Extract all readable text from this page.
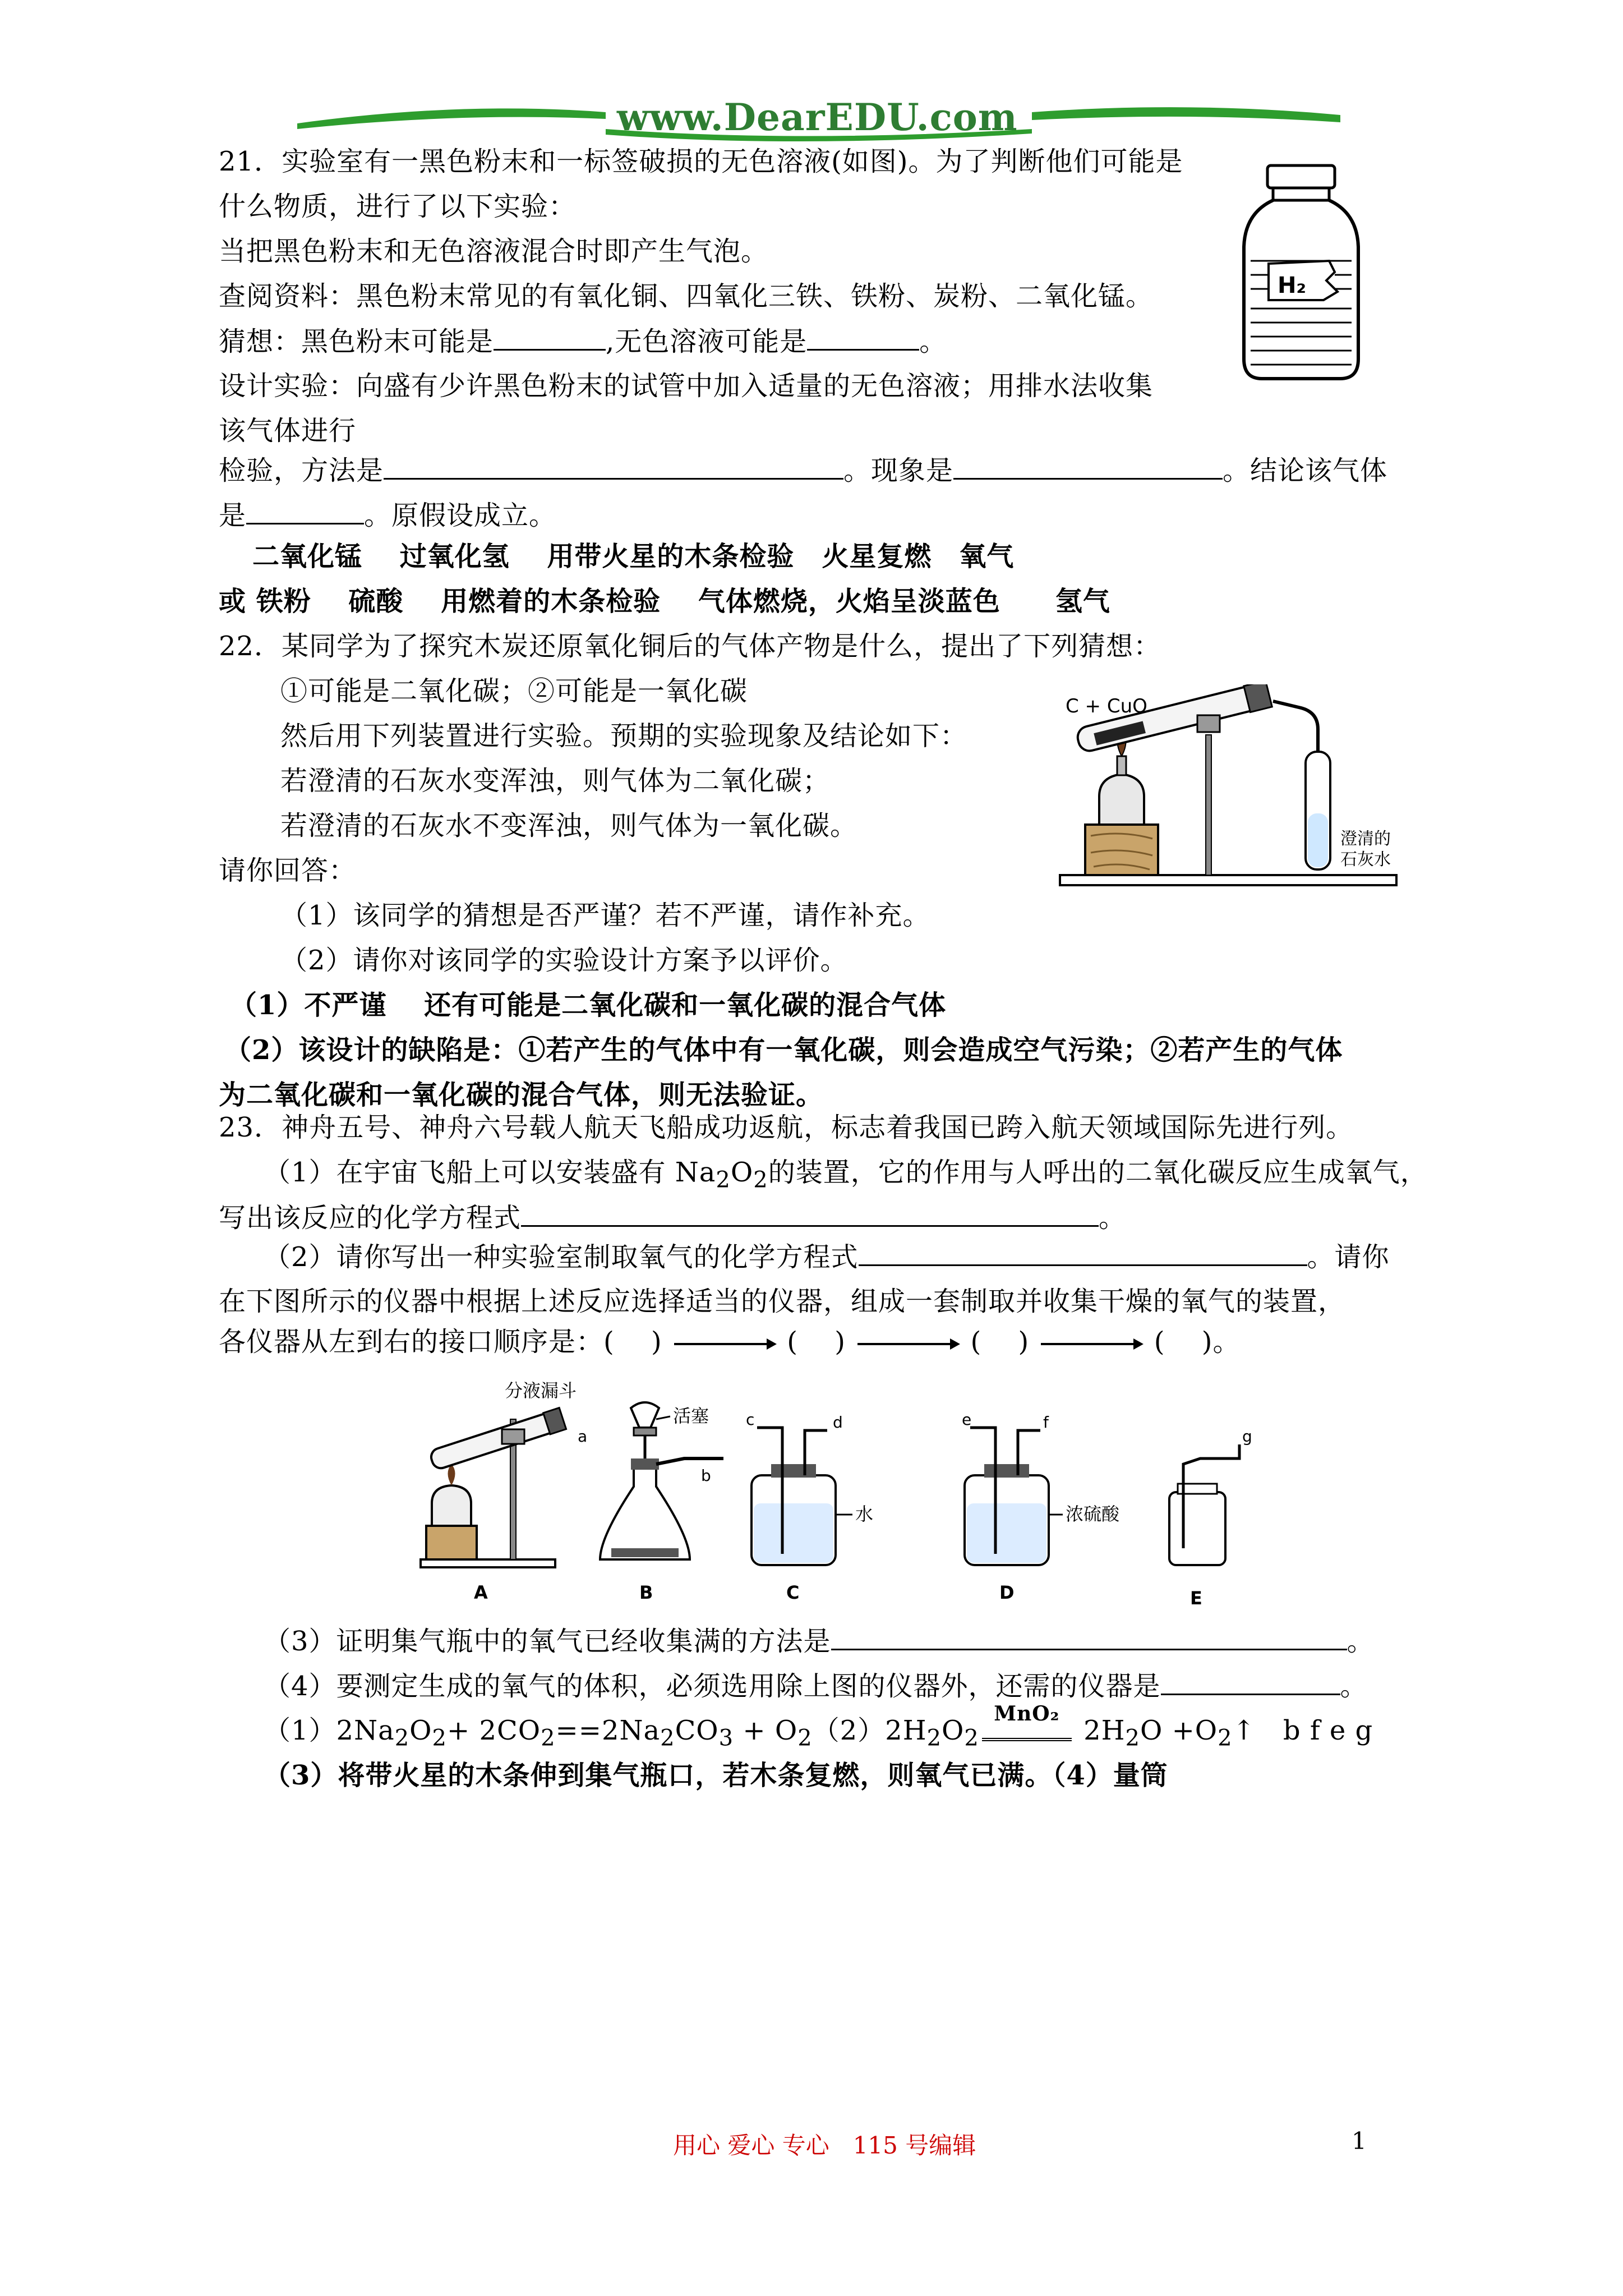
www.DearEDU.com
21．实验室有一黑色粉末和一标签破损的无色溶液(如图)。为了判断他们可能是
什么物质，进行了以下实验：
当把黑色粉末和无色溶液混合时即产生气泡。
查阅资料：黑色粉末常见的有氧化铜、四氧化三铁、铁粉、炭粉、二氧化锰。
猜想：黑色粉末可能是	,无色溶液可能是	。
设计实验：向盛有少许黑色粉末的试管中加入适量的无色溶液；用排水法收集
该气体进行
检验，方法是	。现象是	。结论该气体
是	。原假设成立。
H₂
二氧化锰　 过氧化氢　 用带火星的木条检验　火星复燃　氧气
或 铁粉　 硫酸　 用燃着的木条检验　 气体燃烧，火焰呈淡蓝色　　氢气
22．某同学为了探究木炭还原氧化铜后的气体产物是什么，提出了下列猜想：
①可能是二氧化碳；②可能是一氧化碳
然后用下列装置进行实验。预期的实验现象及结论如下：
若澄清的石灰水变浑浊，则气体为二氧化碳；
若澄清的石灰水不变浑浊，则气体为一氧化碳。
请你回答：
（1）该同学的猜想是否严谨？若不严谨，请作补充。
（2）请你对该同学的实验设计方案予以评价。
C + CuO
澄清的
石灰水
（1）不严谨　 还有可能是二氧化碳和一氧化碳的混合气体
（2）该设计的缺陷是：①若产生的气体中有一氧化碳，则会造成空气污染；②若产生的气体
为二氧化碳和一氧化碳的混合气体，则无法验证。
23．神舟五号、神舟六号载人航天飞船成功返航，标志着我国已跨入航天领域国际先进行列。
（1）在宇宙飞船上可以安装盛有 $Na_2O_2$的装置，它的作用与人呼出的二氧化碳反应生成氧气，
写出该反应的化学方程式	。
（2）请你写出一种实验室制取氧气的化学方程式	。请你
在下图所示的仪器中根据上述反应选择适当的仪器，组成一套制取并收集干燥的氧气的装置，
各仪器从左到右的接口顺序是：(　 )	(　 )	(　 )	(　 )。
a
A
分液漏斗
活塞
b
B
c	d
水
C
e	f
浓硫酸
D
g
E
（3）证明集气瓶中的氧气已经收集满的方法是	。
（4）要测定生成的氧气的体积，必须选用除上图的仪器外，还需的仪器是	。
$(1)2Na_2O_2+ 2CO_2==2Na_2CO_3 + O_2(2)2H_2O_2$
MnO₂
$2H_2O$ $+O_2↑$　b f e g
（3）将带火星的木条伸到集气瓶口，若木条复燃，则氧气已满。（4）量筒
用心 爱心 专心　115 号编辑	1
